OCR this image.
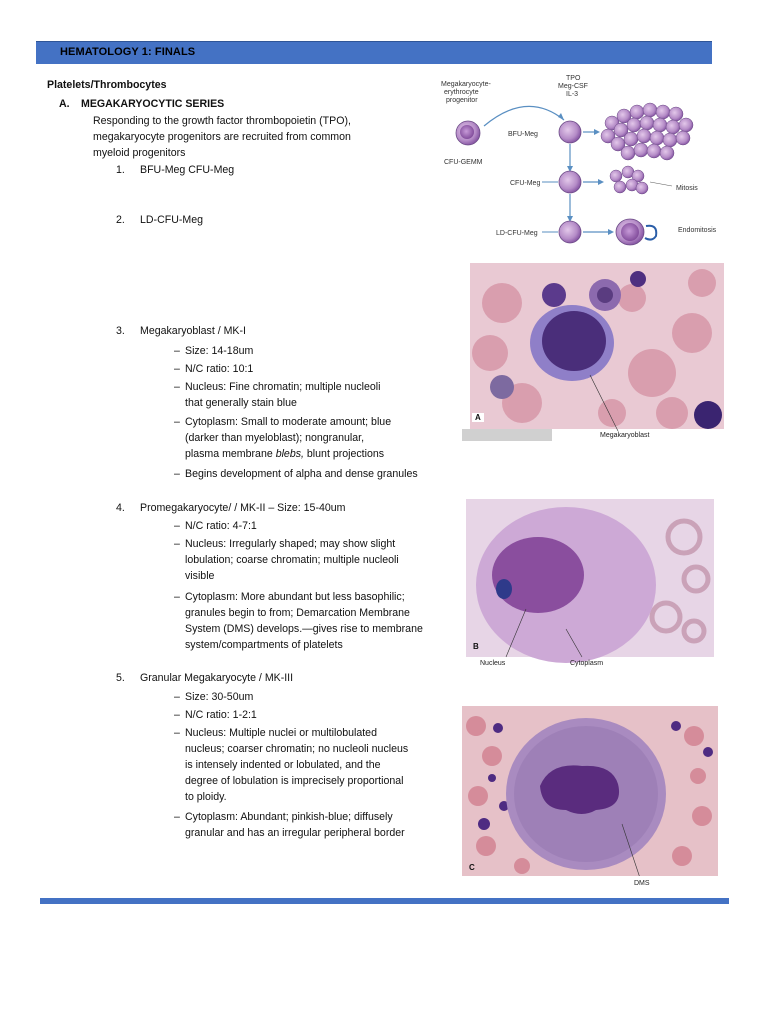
HEMATOLOGY 1: FINALS
Platelets/Thrombocytes
A. MEGAKARYOCYTIC SERIES
Responding to the growth factor thrombopoietin (TPO),
megakaryocyte progenitors are recruited from common
myeloid progenitors
1. BFU-Meg CFU-Meg
2. LD-CFU-Meg
3. Megakaryoblast / MK-I
– Size: 14-18um
– N/C ratio: 10:1
– Nucleus: Fine chromatin; multiple nucleoli
that generally stain blue
– Cytoplasm: Small to moderate amount; blue
(darker than myeloblast); nongranular,
plasma membrane blebs, blunt projections
– Begins development of alpha and dense granules
4. Promegakaryocyte/ / MK-II – Size: 15-40um
– N/C ratio: 4-7:1
– Nucleus: Irregularly shaped; may show slight
lobulation; coarse chromatin; multiple nucleoli
visible
– Cytoplasm: More abundant but less basophilic;
granules begin to from; Demarcation Membrane
System (DMS) develops.—gives rise to membrane
system/compartments of platelets
5. Granular Megakaryocyte / MK-III
– Size: 30-50um
– N/C ratio: 1-2:1
– Nucleus: Multiple nuclei or multilobulated
nucleus; coarser chromatin; no nucleoli nucleus
is intensely indented or lobulated, and the
degree of lobulation is imprecisely proportional
to ploidy.
– Cytoplasm: Abundant; pinkish-blue; diffusely
granular and has an irregular peripheral border
Megakaryocyte-
erythrocyte
progenitor
CFU-GEMM
TPO
Meg-CSF
IL-3
BFU-Meg
CFU-Meg
Mitosis
LD-CFU-Meg	Endomitosis
A
Megakaryoblast
B
Nucleus	Cytoplasm
C
DMS
